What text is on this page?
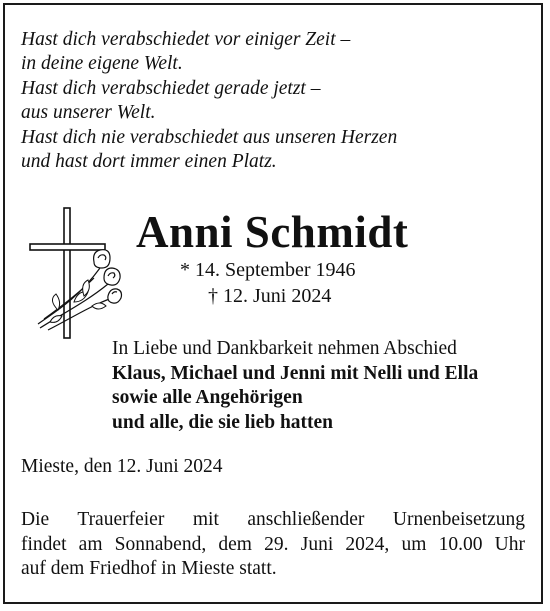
Hast dich verabschiedet vor einiger Zeit –
in deine eigene Welt.
Hast dich verabschiedet gerade jetzt –
aus unserer Welt.
Hast dich nie verabschiedet aus unseren Herzen
und hast dort immer einen Platz.
Anni Schmidt
* 14. September 1946
† 12. Juni 2024
In Liebe und Dankbarkeit nehmen Abschied
Klaus, Michael und Jenni mit Nelli und Ella
sowie alle Angehörigen
und alle, die sie lieb hatten
Mieste, den 12. Juni 2024
Die Trauerfeier mit anschließender Urnenbeisetzung
findet am Sonnabend, dem 29. Juni 2024, um 10.00 Uhr
auf dem Friedhof in Mieste statt.
